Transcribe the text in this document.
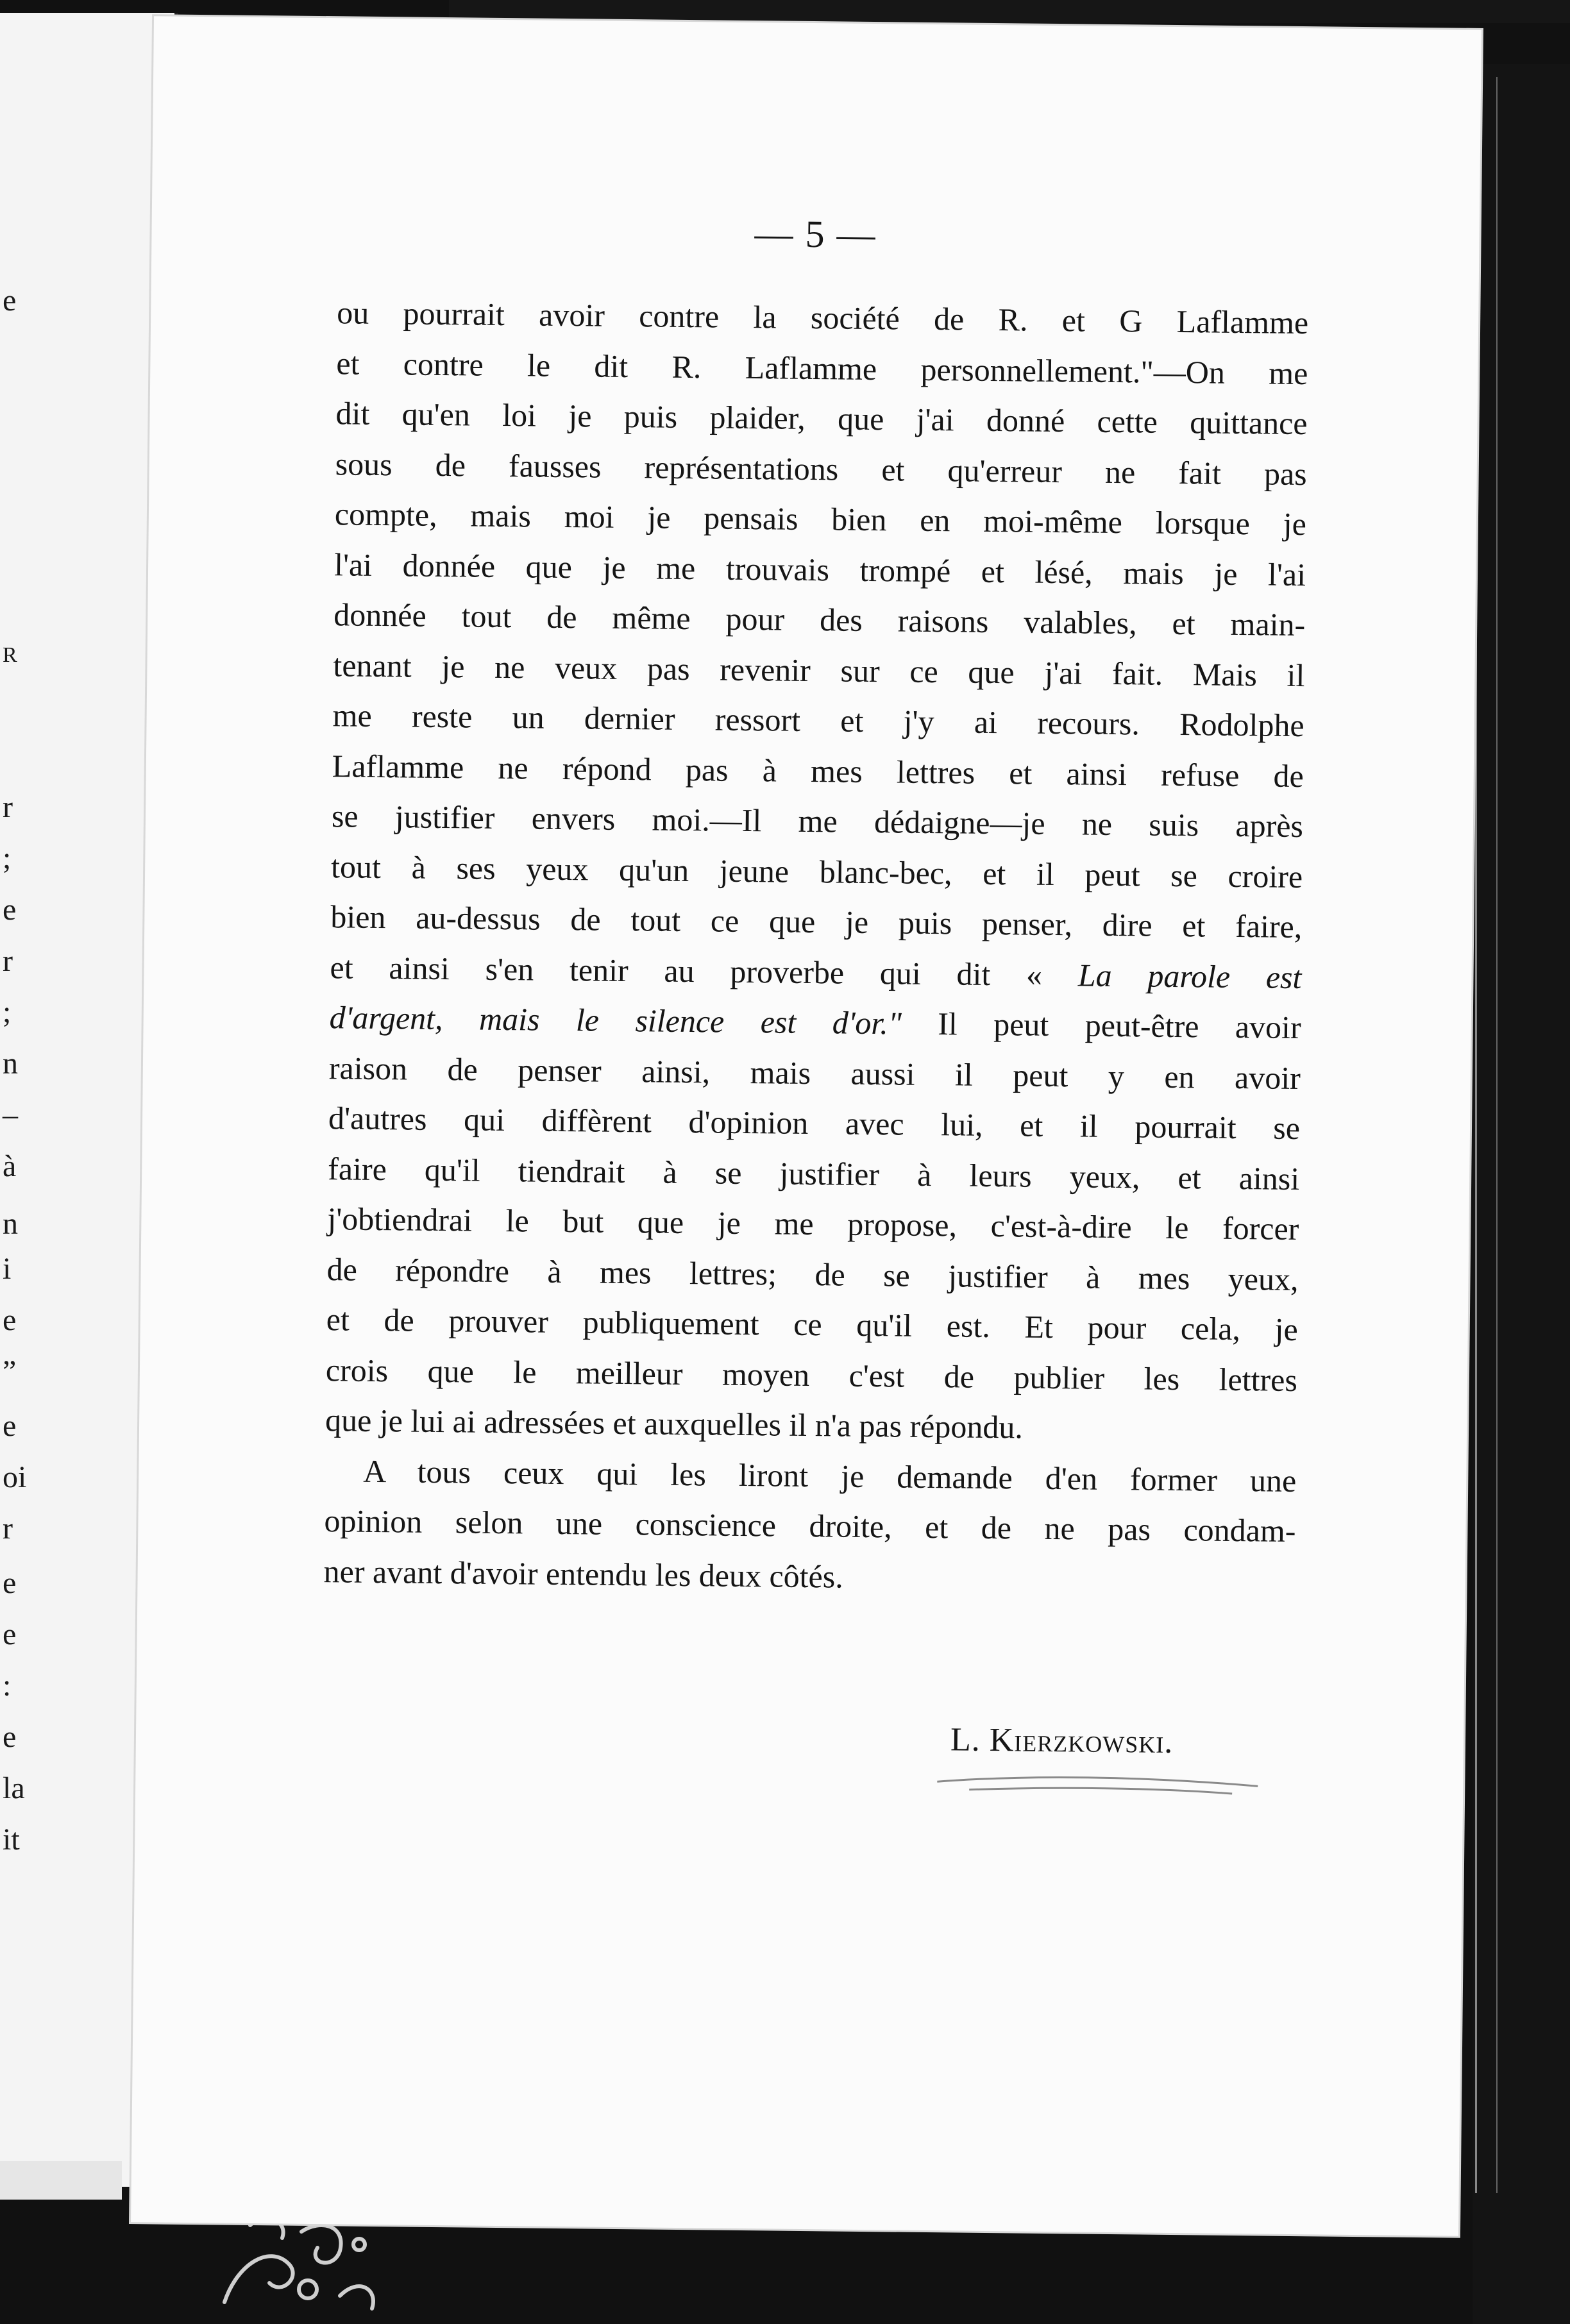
e
R
r
;
e
r
;
n
–
à
n
i
e
”
e
oi
r
e
e
:
e
la
it
— 5 —
ou pourrait avoir contre la société de R. et G Laflamme
et contre le dit R. Laflamme personnellement."—On me
dit qu'en loi je puis plaider, que j'ai donné cette quittance
sous de fausses représentations et qu'erreur ne fait pas
compte, mais moi je pensais bien en moi-même lorsque je
l'ai donnée que je me trouvais trompé et lésé, mais je l'ai
donnée tout de même pour des raisons valables, et main-
tenant je ne veux pas revenir sur ce que j'ai fait. Mais il
me reste un dernier ressort et j'y ai recours. Rodolphe
Laflamme ne répond pas à mes lettres et ainsi refuse de
se justifier envers moi.—Il me dédaigne—je ne suis après
tout à ses yeux qu'un jeune blanc-bec, et il peut se croire
bien au-dessus de tout ce que je puis penser, dire et faire,
et ainsi s'en tenir au proverbe qui dit « La parole est
d'argent, mais le silence est d'or." Il peut peut-être avoir
raison de penser ainsi, mais aussi il peut y en avoir
d'autres qui diffèrent d'opinion avec lui, et il pourrait se
faire qu'il tiendrait à se justifier à leurs yeux, et ainsi
j'obtiendrai le but que je me propose, c'est-à-dire le forcer
de répondre à mes lettres; de se justifier à mes yeux,
et de prouver publiquement ce qu'il est. Et pour cela, je
crois que le meilleur moyen c'est de publier les lettres
que je lui ai adressées et auxquelles il n'a pas répondu.
A tous ceux qui les liront je demande d'en former une
opinion selon une conscience droite, et de ne pas condam-
ner avant d'avoir entendu les deux côtés.
L. Kierzkowski.
